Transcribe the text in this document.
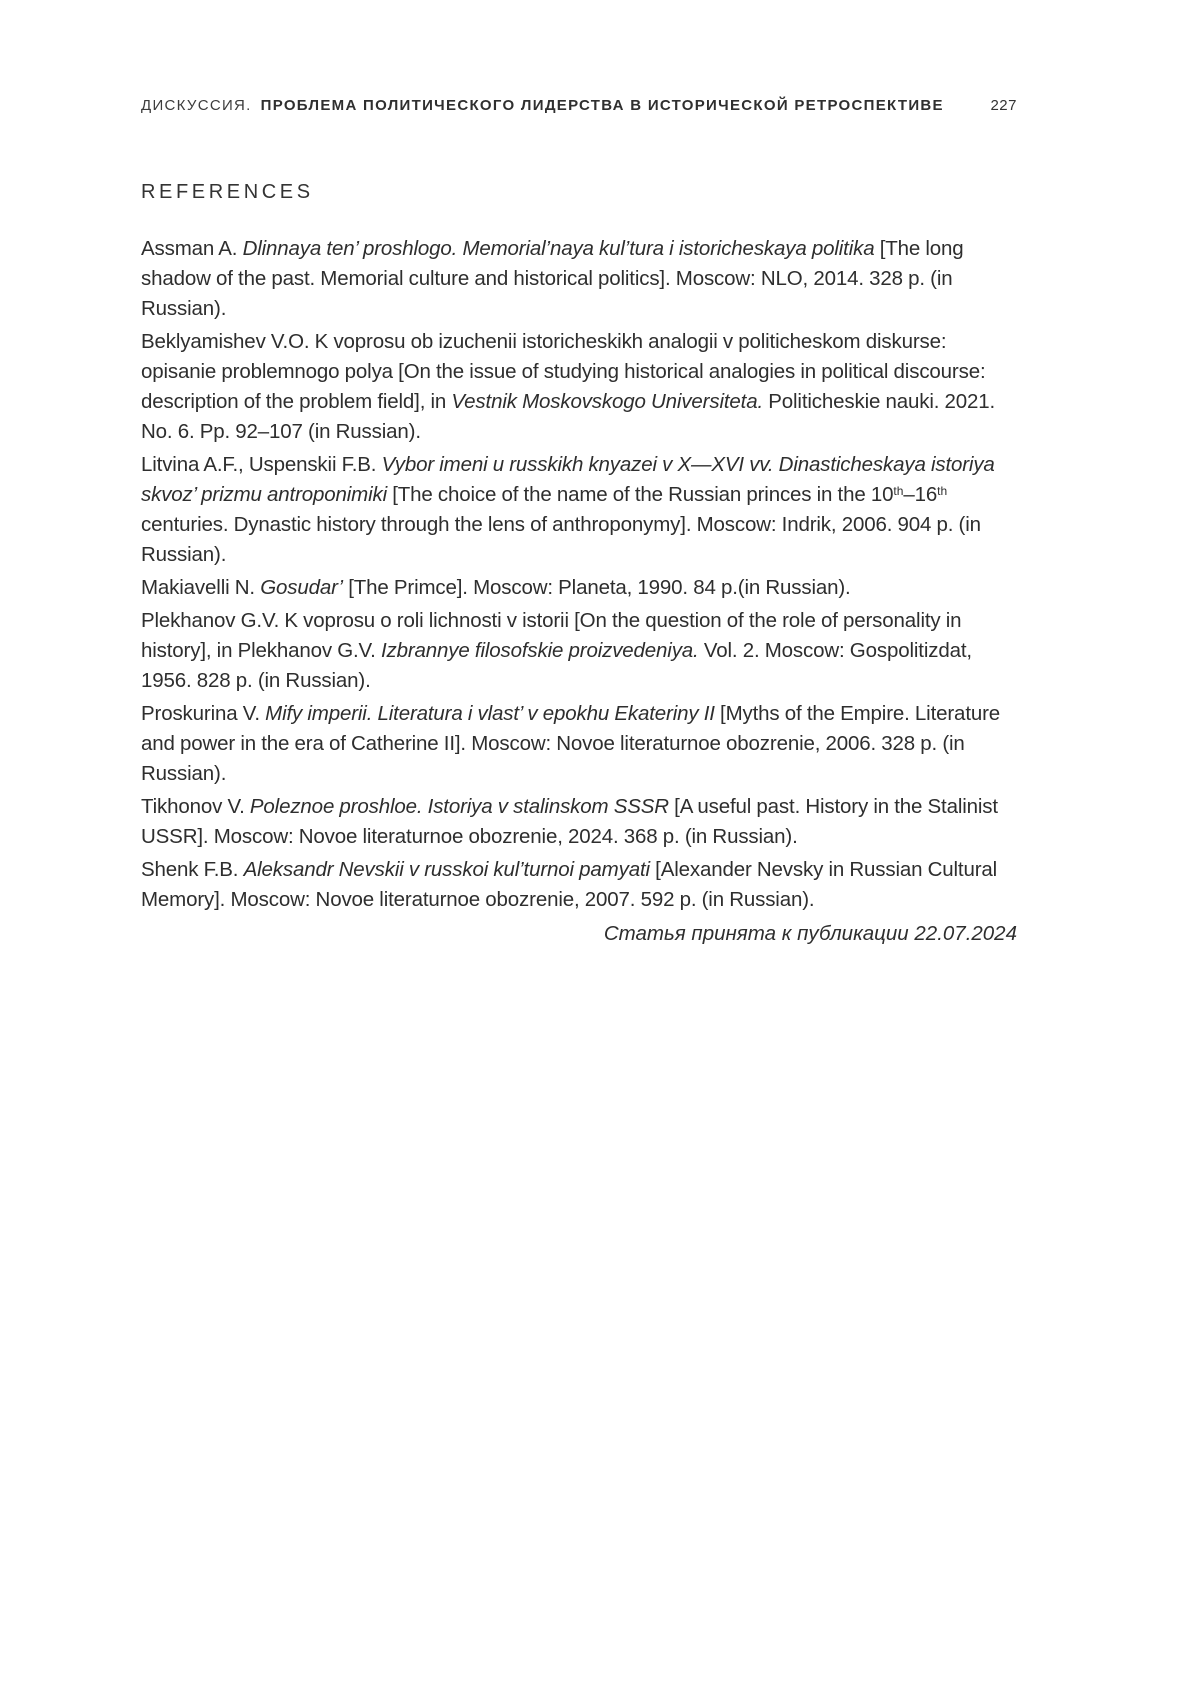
ДИСКУССИЯ. ПРОБЛЕМА ПОЛИТИЧЕСКОГО ЛИДЕРСТВА В ИСТОРИЧЕСКОЙ РЕТРОСПЕКТИВЕ	227
REFERENCES

Assman A. Dlinnaya ten’ proshlogo. Memorial’naya kul’tura i istoricheskaya politika [The long shadow of the past. Memorial culture and historical politics]. Moscow: NLO, 2014. 328 p. (in Russian).

Beklyamishev V.O. K voprosu ob izuchenii istoricheskikh analogii v politicheskom diskurse: opisanie problemnogo polya [On the issue of studying historical analogies in political discourse: description of the problem field], in Vestnik Moskovskogo Universiteta. Politicheskie nauki. 2021. No. 6. Pp. 92–107 (in Russian).

Litvina A.F., Uspenskii F.B. Vybor imeni u russkikh knyazei v X—XVI vv. Dinasticheskaya istoriya skvoz’ prizmu antroponimiki [The choice of the name of the Russian princes in the 10th–16th centuries. Dynastic history through the lens of anthroponymy]. Moscow: Indrik, 2006. 904 p. (in Russian).

Makiavelli N. Gosudar’ [The Primce]. Moscow: Planeta, 1990. 84 p.(in Russian).

Plekhanov G.V. K voprosu o roli lichnosti v istorii [On the question of the role of personality in history], in Plekhanov G.V. Izbrannye filosofskie proizvedeniya. Vol. 2. Moscow: Gospolitizdat, 1956. 828 p. (in Russian).

Proskurina V. Mify imperii. Literatura i vlast’ v epokhu Ekateriny II [Myths of the Empire. Literature and power in the era of Catherine II]. Moscow: Novoe literaturnoe obozrenie, 2006. 328 p. (in Russian).

Tikhonov V. Poleznoe proshloe. Istoriya v stalinskom SSSR [A useful past. History in the Stalinist USSR]. Moscow: Novoe literaturnoe obozrenie, 2024. 368 p. (in Russian).

Shenk F.B. Aleksandr Nevskii v russkoi kul’turnoi pamyati [Alexander Nevsky in Russian Cultural Memory]. Moscow: Novoe literaturnoe obozrenie, 2007. 592 p. (in Russian).

Статья принята к публикации 22.07.2024
